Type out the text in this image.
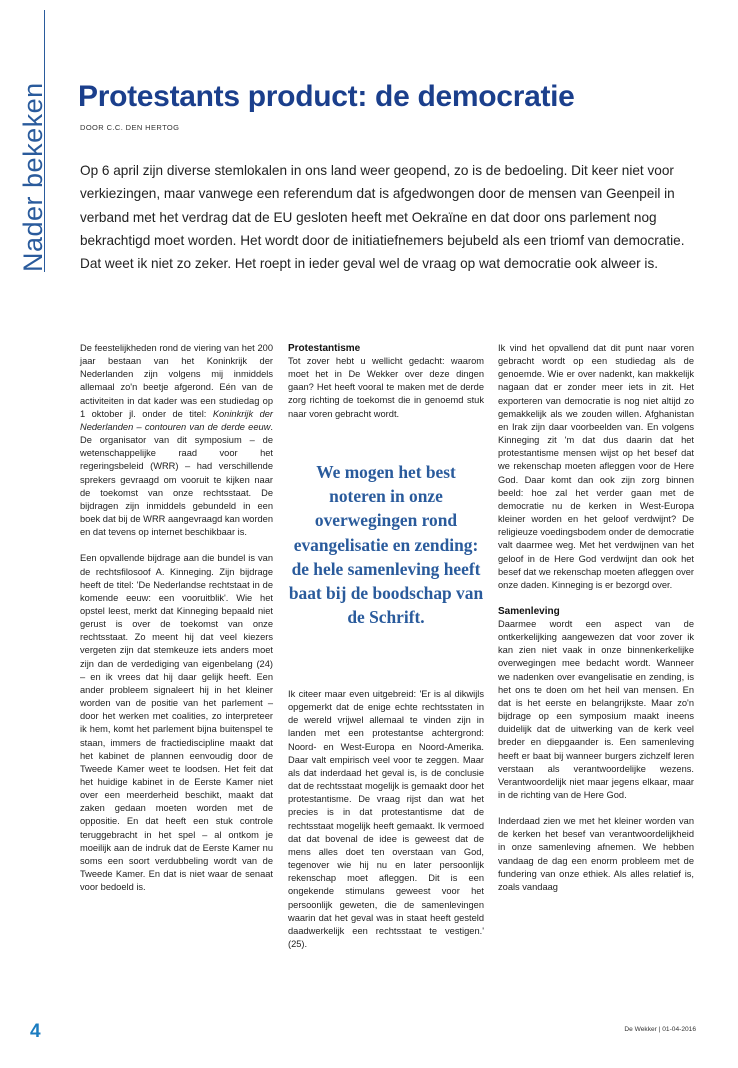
Nader bekeken Protestants product: de democratie
DOOR C.C. DEN HERTOG

Op 6 april zijn diverse stemlokalen in ons land weer geopend, zo is de bedoeling. Dit keer niet voor verkiezingen, maar vanwege een referendum dat is afgedwongen door de mensen van Geenpeil in verband met het verdrag dat de EU gesloten heeft met Oekraïne en dat door ons parlement nog bekrachtigd moet worden. Het wordt door de initiatiefnemers bejubeld als een triomf van democratie. Dat weet ik niet zo zeker. Het roept in ieder geval wel de vraag op wat democratie ook alweer is.

De feestelijkheden rond de viering van het 200 jaar bestaan van het Koninkrijk der Nederlanden zijn volgens mij inmiddels allemaal zo'n beetje afgerond. Eén van de activiteiten in dat kader was een studiedag op 1 oktober jl. onder de titel: Koninkrijk der Nederlanden – contouren van de derde eeuw. De organisator van dit symposium – de wetenschappelijke raad voor het regeringsbeleid (WRR) – had verschillende sprekers gevraagd om vooruit te kijken naar de toekomst van onze rechtsstaat. De bijdragen zijn inmiddels gebundeld in een boek dat bij de WRR aangevraagd kan worden en dat tevens op internet beschikbaar is.

Een opvallende bijdrage aan die bundel is van de rechtsfilosoof A. Kinneging. Zijn bijdrage heeft de titel: 'De Nederlandse rechtstaat in de komende eeuw: een vooruitblik'. Wie het opstel leest, merkt dat Kinneging bepaald niet gerust is over de toekomst van onze rechtsstaat. Zo meent hij dat veel kiezers vergeten zijn dat stemkeuze iets anders moet zijn dan de verdediging van eigenbelang (24) – en ik vrees dat hij daar gelijk heeft. Een ander probleem signaleert hij in het kleiner worden van de positie van het parlement – door het werken met coalities, zo interpreteer ik hem, komt het parlement bijna buitenspel te staan, immers de fractiediscipline maakt dat het kabinet de plannen eenvoudig door de Tweede Kamer weet te loodsen. Het feit dat het huidige kabinet in de Eerste Kamer niet over een meerderheid beschikt, maakt dat zaken gedaan moeten worden met de oppositie. En dat heeft een stuk controle teruggebracht in het spel – al ontkom je moeilijk aan de indruk dat de Eerste Kamer nu soms een soort verdubbeling wordt van de Tweede Kamer. En dat is niet waar de senaat voor bedoeld is.

Protestantisme

Tot zover hebt u wellicht gedacht: waarom moet het in De Wekker over deze dingen gaan? Het heeft vooral te maken met de derde zorg richting de toekomst die in genoemd stuk naar voren gebracht wordt.

We mogen het best noteren in onze overwegingen rond evangelisatie en zending: de hele samenleving heeft baat bij de boodschap van de Schrift.

Ik citeer maar even uitgebreid: 'Er is al dikwijls opgemerkt dat de enige echte rechtsstaten in de wereld vrijwel allemaal te vinden zijn in landen met een protestantse achtergrond: Noord- en West-Europa en Noord-Amerika. Daar valt empirisch veel voor te zeggen. Maar als dat inderdaad het geval is, is de conclusie dat de rechtsstaat mogelijk is gemaakt door het protestantisme. De vraag rijst dan wat het precies is in dat protestantisme dat de rechtsstaat mogelijk heeft gemaakt. Ik vermoed dat dat bovenal de idee is geweest dat de mens alles doet ten overstaan van God, tegenover wie hij nu en later persoonlijk rekenschap moet afleggen. Dit is een ongekende stimulans geweest voor het persoonlijk geweten, die de samenlevingen waarin dat het geval was in staat heeft gesteld daadwerkelijk een rechtsstaat te vestigen.' (25).

Ik vind het opvallend dat dit punt naar voren gebracht wordt op een studiedag als de genoemde. Wie er over nadenkt, kan makkelijk nagaan dat er zonder meer iets in zit. Het exporteren van democratie is nog niet altijd zo gemakkelijk als we zouden willen. Afghanistan en Irak zijn daar voorbeelden van. En volgens Kinneging zit 'm dat dus daarin dat het protestantisme mensen wijst op het besef dat we rekenschap moeten afleggen voor de Here God. Daar komt dan ook zijn zorg binnen beeld: hoe zal het verder gaan met de democratie nu de kerken in West-Europa kleiner worden en het geloof verdwijnt? De religieuze voedingsbodem onder de democratie valt daarmee weg. Met het verdwijnen van het geloof in de Here God verdwijnt dan ook het besef dat we rekenschap moeten afleggen over onze daden. Kinneging is er bezorgd over.

Samenleving

Daarmee wordt een aspect van de ontkerkelijking aangewezen dat voor zover ik kan zien niet vaak in onze binnenkerkelijke overwegingen mee bedacht wordt. Wanneer we nadenken over evangelisatie en zending, is het ons te doen om het heil van mensen. En dat is het eerste en belangrijkste. Maar zo'n bijdrage op een symposium maakt ineens duidelijk dat de uitwerking van de kerk veel breder en diepgaander is. Een samenleving heeft er baat bij wanneer burgers zichzelf leren verstaan als verantwoordelijke wezens. Verantwoordelijk niet maar jegens elkaar, maar in de richting van de Here God.

Inderdaad zien we met het kleiner worden van de kerken het besef van verantwoordelijkheid in onze samenleving afnemen. We hebben vandaag de dag een enorm probleem met de fundering van onze ethiek. Als alles relatief is, zoals vandaag

4	De Wekker | 01-04-2016
